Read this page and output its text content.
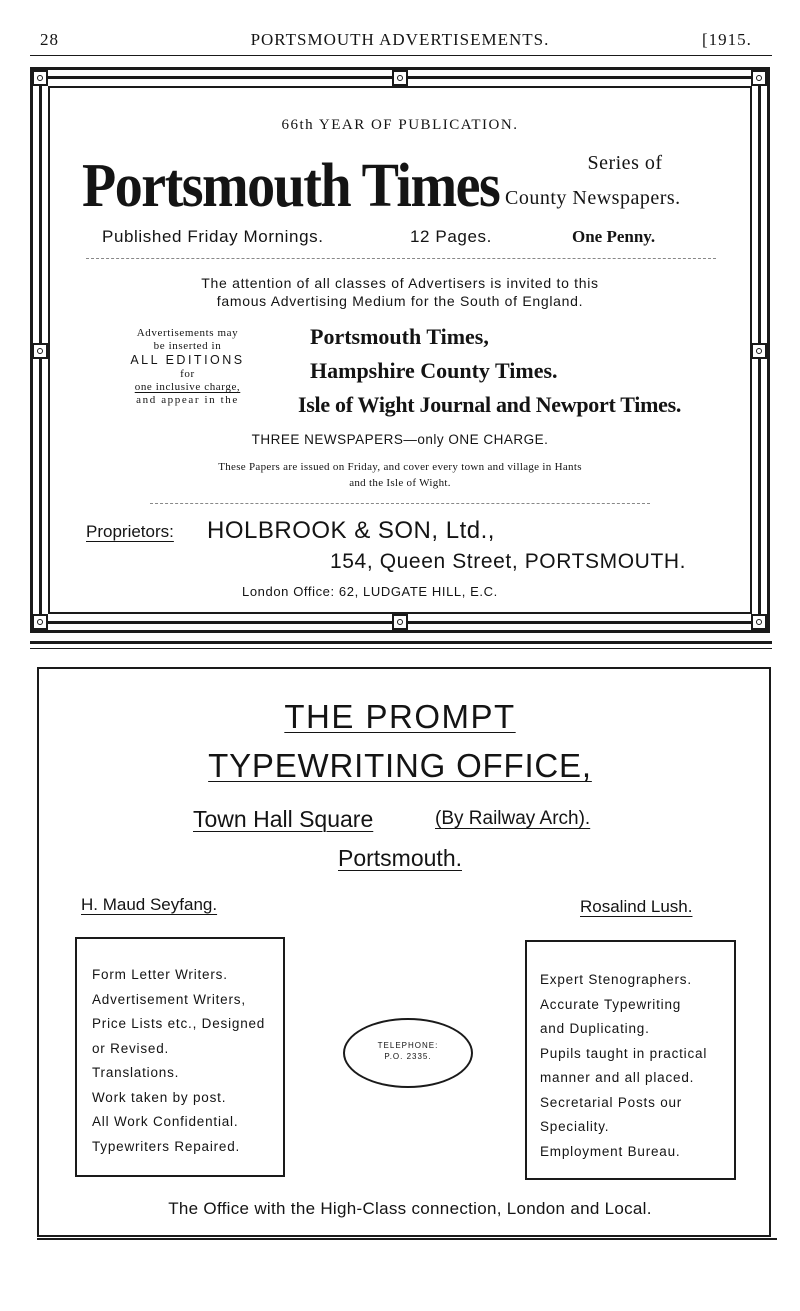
28	PORTSMOUTH ADVERTISEMENTS.	[1915.
66th YEAR OF PUBLICATION.
Portsmouth Times	Series of
County Newspapers.
Published Friday Mornings.	12 Pages.	One Penny.
The attention of all classes of Advertisers is invited to this
famous Advertising Medium for the South of England.
Advertisements may
be inserted in
ALL EDITIONS
for
one inclusive charge,
and appear in the
Portsmouth Times,
Hampshire County Times.
Isle of Wight Journal and Newport Times.
THREE NEWSPAPERS—only ONE CHARGE.
These Papers are issued on Friday, and cover every town and village in Hants
and the Isle of Wight.
Proprietors: HOLBROOK & SON, Ltd.,
154, Queen Street, PORTSMOUTH.
London Office: 62, LUDGATE HILL, E.C.
THE PROMPT
TYPEWRITING OFFICE,
Town Hall Square	(By Railway Arch).
Portsmouth.
H. Maud Seyfang.	Rosalind Lush.
Form Letter Writers.
Advertisement Writers,
Price Lists etc., Designed
or Revised.
Translations.
Work taken by post.
All Work Confidential.
Typewriters Repaired.
TELEPHONE:
P.O. 2335.
Expert Stenographers.
Accurate Typewriting
and Duplicating.
Pupils taught in practical
manner and all placed.
Secretarial Posts our
Speciality.
Employment Bureau.
The Office with the High-Class connection, London and Local.
